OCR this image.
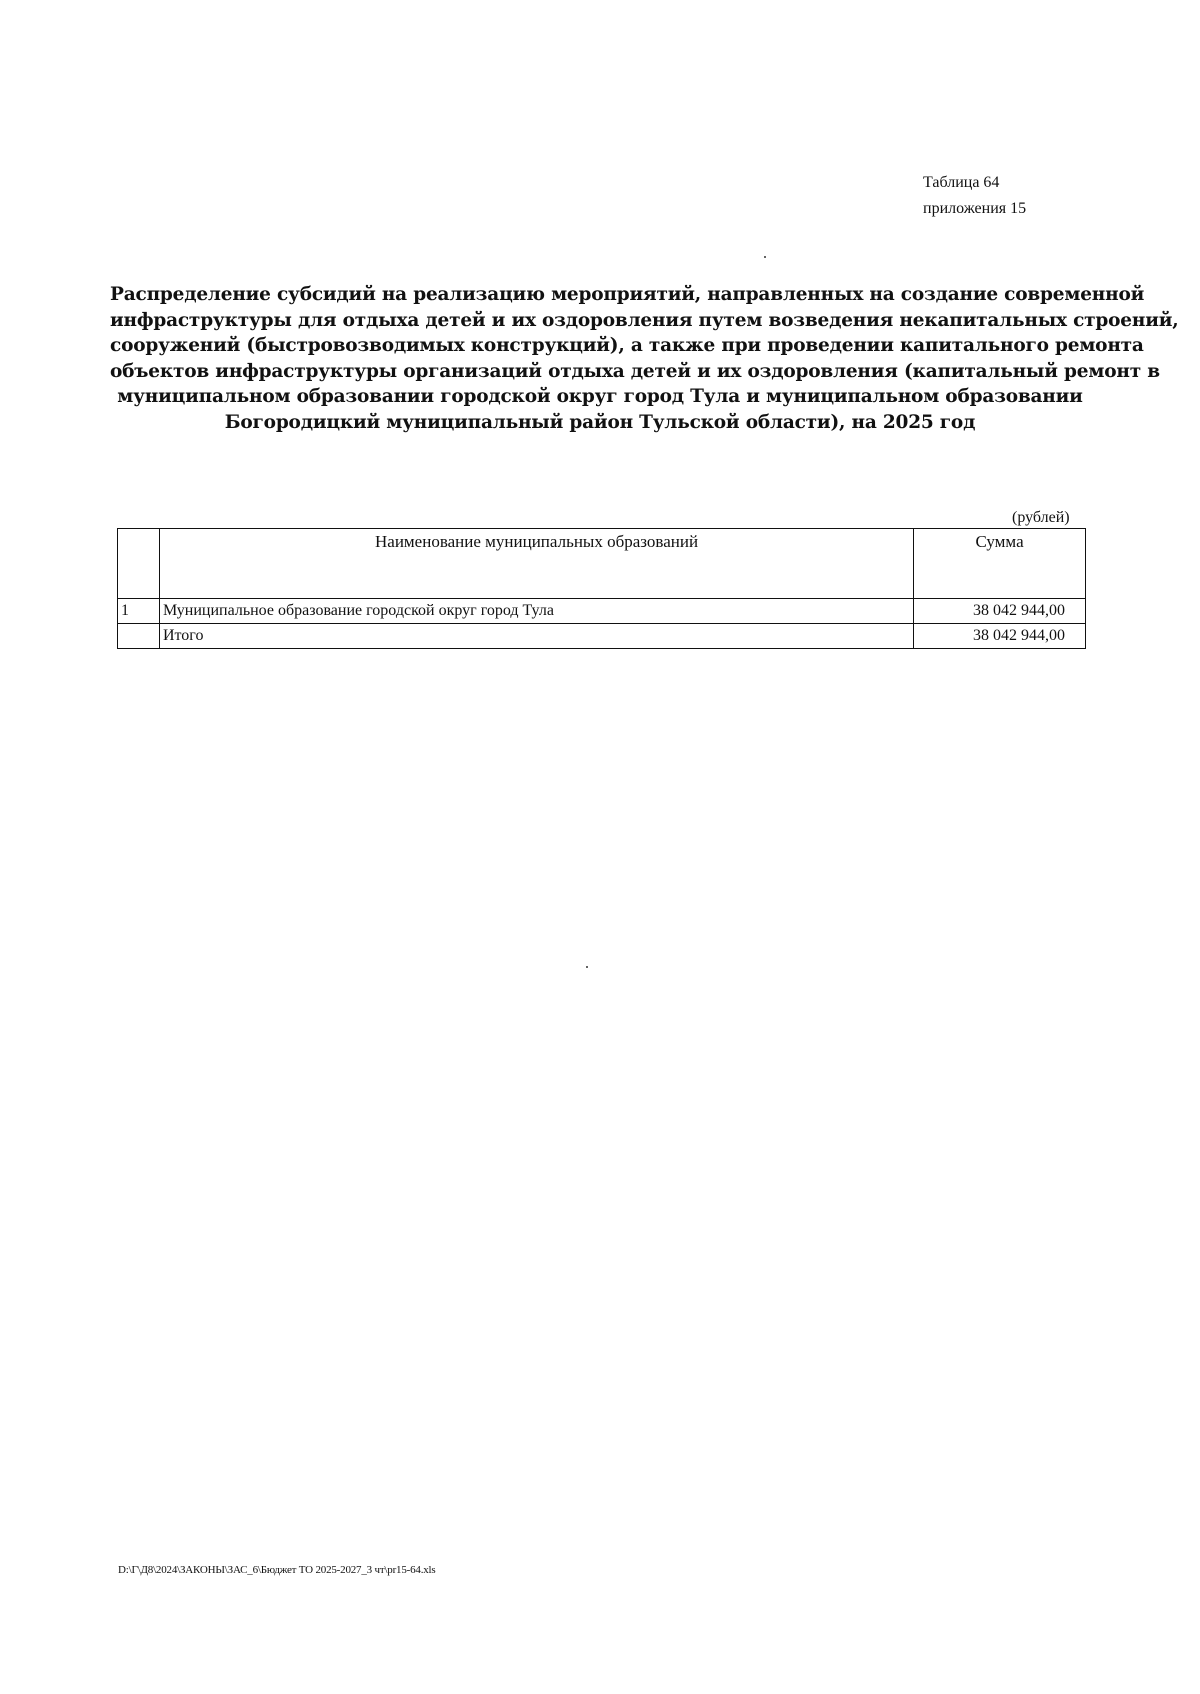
Таблица 64
приложения 15
Распределение субсидий на реализацию мероприятий, направленных на создание современной
инфраструктуры для отдыха детей и их оздоровления путем возведения некапитальных строений,
сооружений (быстровозводимых конструкций), а также при проведении капитального ремонта
объектов инфраструктуры организаций отдыха детей и их оздоровления (капитальный ремонт в
муниципальном образовании городской округ город Тула и муниципальном образовании
Богородицкий муниципальный район Тульской области), на 2025 год
(рублей)
	Наименование муниципальных образований	Сумма
1	Муниципальное образование городской округ город Тула	38 042 944,00
	Итого	38 042 944,00
D:\Г\Д8\2024\ЗАКОНЫ\ЗАС_6\Бюджет ТО 2025-2027_3 чт\pr15-64.xls
